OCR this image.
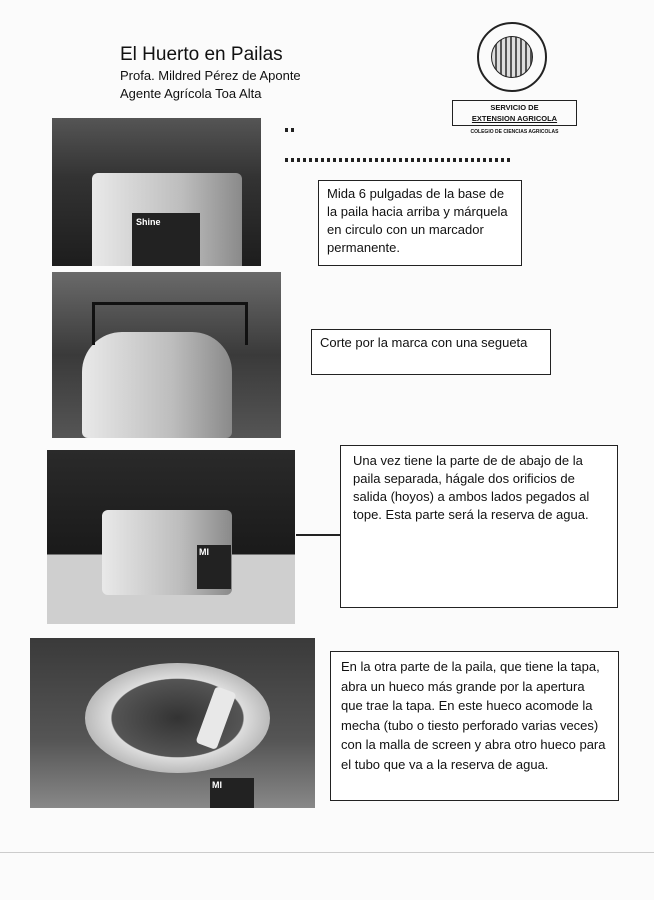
El Huerto en Pailas
Profa. Mildred Pérez de Aponte
Agente Agrícola Toa Alta
SERVICIO DE
EXTENSION AGRICOLA
COLEGIO DE CIENCIAS AGRICOLAS
Shine
Mida 6 pulgadas de la base de la paila hacia arriba y márquela en circulo con un marcador permanente.
Corte por la marca con una segueta
MI
Una vez tiene la parte de de abajo de la paila separada, hágale dos orificios de salida (hoyos) a ambos lados pegados al tope. Esta parte será la reserva de agua.
MI
En la otra parte de la paila, que tiene la tapa, abra un hueco más grande por la apertura que trae la tapa. En este hueco acomode la mecha (tubo o tiesto perforado varias veces) con la malla de screen y abra otro hueco para el tubo que va a la reserva de agua.
